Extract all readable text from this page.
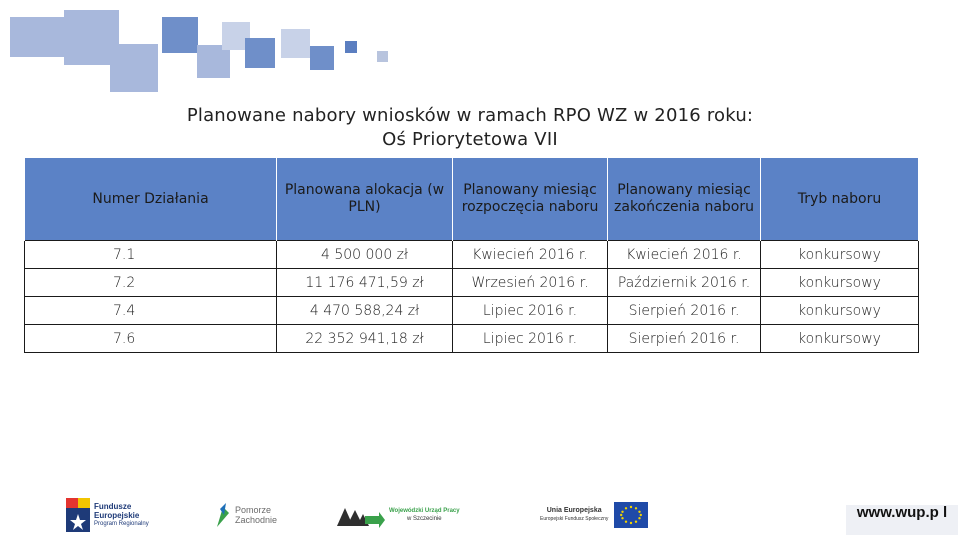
Planowane nabory wniosków w ramach RPO WZ w 2016 roku:
Oś Priorytetowa VII
Numer Działania	Planowana alokacja (w PLN)	Planowany miesiąc rozpoczęcia naboru	Planowany miesiąc zakończenia naboru	Tryb naboru
7.1	4 500 000 zł	Kwiecień 2016 r.	Kwiecień 2016 r.	konkursowy
7.2	11 176 471,59 zł	Wrzesień 2016 r.	Październik 2016 r.	konkursowy
7.4	4 470 588,24 zł	Lipiec 2016 r.	Sierpień 2016 r.	konkursowy
7.6	22 352 941,18 zł	Lipiec 2016 r.	Sierpień 2016 r.	konkursowy
Fundusze
Europejskie
Program Regionalny
Pomorze
Zachodnie
Wojewódzki Urząd Pracy
w Szczecinie
Unia Europejska
Europejski Fundusz Społeczny	www.wup.p l
